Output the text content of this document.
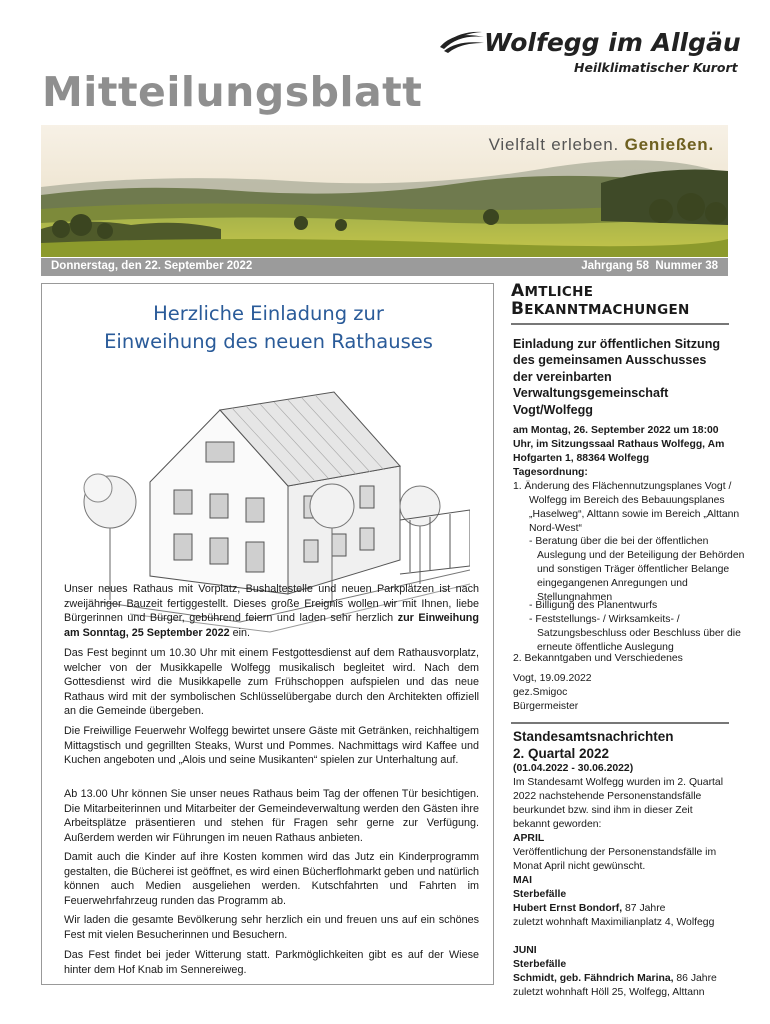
Mitteilungsblatt
Wolfegg im Allgäu
Heilklimatischer Kurort
Vielfalt erleben. Genießen.
Donnerstag, den 22. September 2022	Jahrgang 58  Nummer 38
Herzliche Einladung zur
Einweihung des neuen Rathauses

Unser neues Rathaus mit Vorplatz, Bushaltestelle und neuen Parkplätzen ist nach zweijähriger Bauzeit fertiggestellt. Dieses große Ereignis wollen wir mit Ihnen, liebe Bürgerinnen und Bürger, gebührend feiern und laden sehr herzlich zur Einweihung am Sonntag, 25 September 2022 ein.

Das Fest beginnt um 10.30 Uhr mit einem Festgottesdienst auf dem Rathausvorplatz, welcher von der Musikkapelle Wolfegg musikalisch begleitet wird. Nach dem Gottesdienst wird die Musikkapelle zum Frühschoppen aufspielen und das neue Rathaus wird mit der symbolischen Schlüsselübergabe durch den Architekten offiziell an die Gemeinde übergeben.

Die Freiwillige Feuerwehr Wolfegg bewirtet unsere Gäste mit Getränken, reichhaltigem Mittagstisch und gegrillten Steaks, Wurst und Pommes. Nachmittags wird Kaffee und Kuchen angeboten und „Alois und seine Musikanten“ spielen zur Unterhaltung auf.

Ab 13.00 Uhr können Sie unser neues Rathaus beim Tag der offenen Tür besichtigen. Die Mitarbeiterinnen und Mitarbeiter der Gemeindeverwaltung werden den Gästen ihre Arbeitsplätze präsentieren und stehen für Fragen sehr gerne zur Verfügung. Außerdem werden wir Führungen im neuen Rathaus anbieten.

Damit auch die Kinder auf ihre Kosten kommen wird das Jutz ein Kinderprogramm gestalten, die Bücherei ist geöffnet, es wird einen Bücherflohmarkt geben und natürlich können auch Medien ausgeliehen werden. Kutschfahrten und Fahrten im Feuerwehrfahrzeug runden das Programm ab.

Wir laden die gesamte Bevölkerung sehr herzlich ein und freuen uns auf ein schönes Fest mit vielen Besucherinnen und Besuchern.

Das Fest findet bei jeder Witterung statt. Parkmöglichkeiten gibt es auf der Wiese hinter dem Hof Knab im Sennereiweg.

AMTLICHE
BEKANNTMACHUNGEN

Einladung zur öffentlichen Sitzung des gemeinsamen Ausschusses der vereinbarten Verwaltungsgemeinschaft Vogt/Wolfegg

am Montag, 26. September 2022 um 18:00 Uhr, im Sitzungssaal Rathaus Wolfegg, Am Hofgarten 1, 88364 Wolfegg

Tagesordnung:

1. Änderung des Flächennutzungsplanes Vogt / Wolfegg im Bereich des Bebauungsplanes „Haselweg“, Alttann sowie im Bereich „Alttann Nord-West“

- Beratung über die bei der öffentlichen Auslegung und der Beteiligung der Behörden und sonstigen Träger öffentlicher Belange eingegangenen Anregungen und Stellungnahmen

- Billigung des Planentwurfs

- Feststellungs- / Wirksamkeits- / Satzungsbeschluss oder Beschluss über die erneute öffentliche Auslegung

2. Bekanntgaben und Verschiedenes

Vogt, 19.09.2022

gez.Smigoc

Bürgermeister

Standesamtsnachrichten
2. Quartal 2022

(01.04.2022 - 30.06.2022)

Im Standesamt Wolfegg wurden im 2. Quartal 2022 nachstehende Personenstandsfälle beurkundet bzw. sind ihm in dieser Zeit bekannt geworden:

APRIL

Veröffentlichung der Personenstandsfälle im Monat April nicht gewünscht.

MAI

Sterbefälle

Hubert Ernst Bondorf, 87 Jahre

zuletzt wohnhaft Maximilianplatz 4, Wolfegg

JUNI

Sterbefälle

Schmidt, geb. Fähndrich Marina, 86 Jahre

zuletzt wohnhaft Höll 25, Wolfegg, Alttann
